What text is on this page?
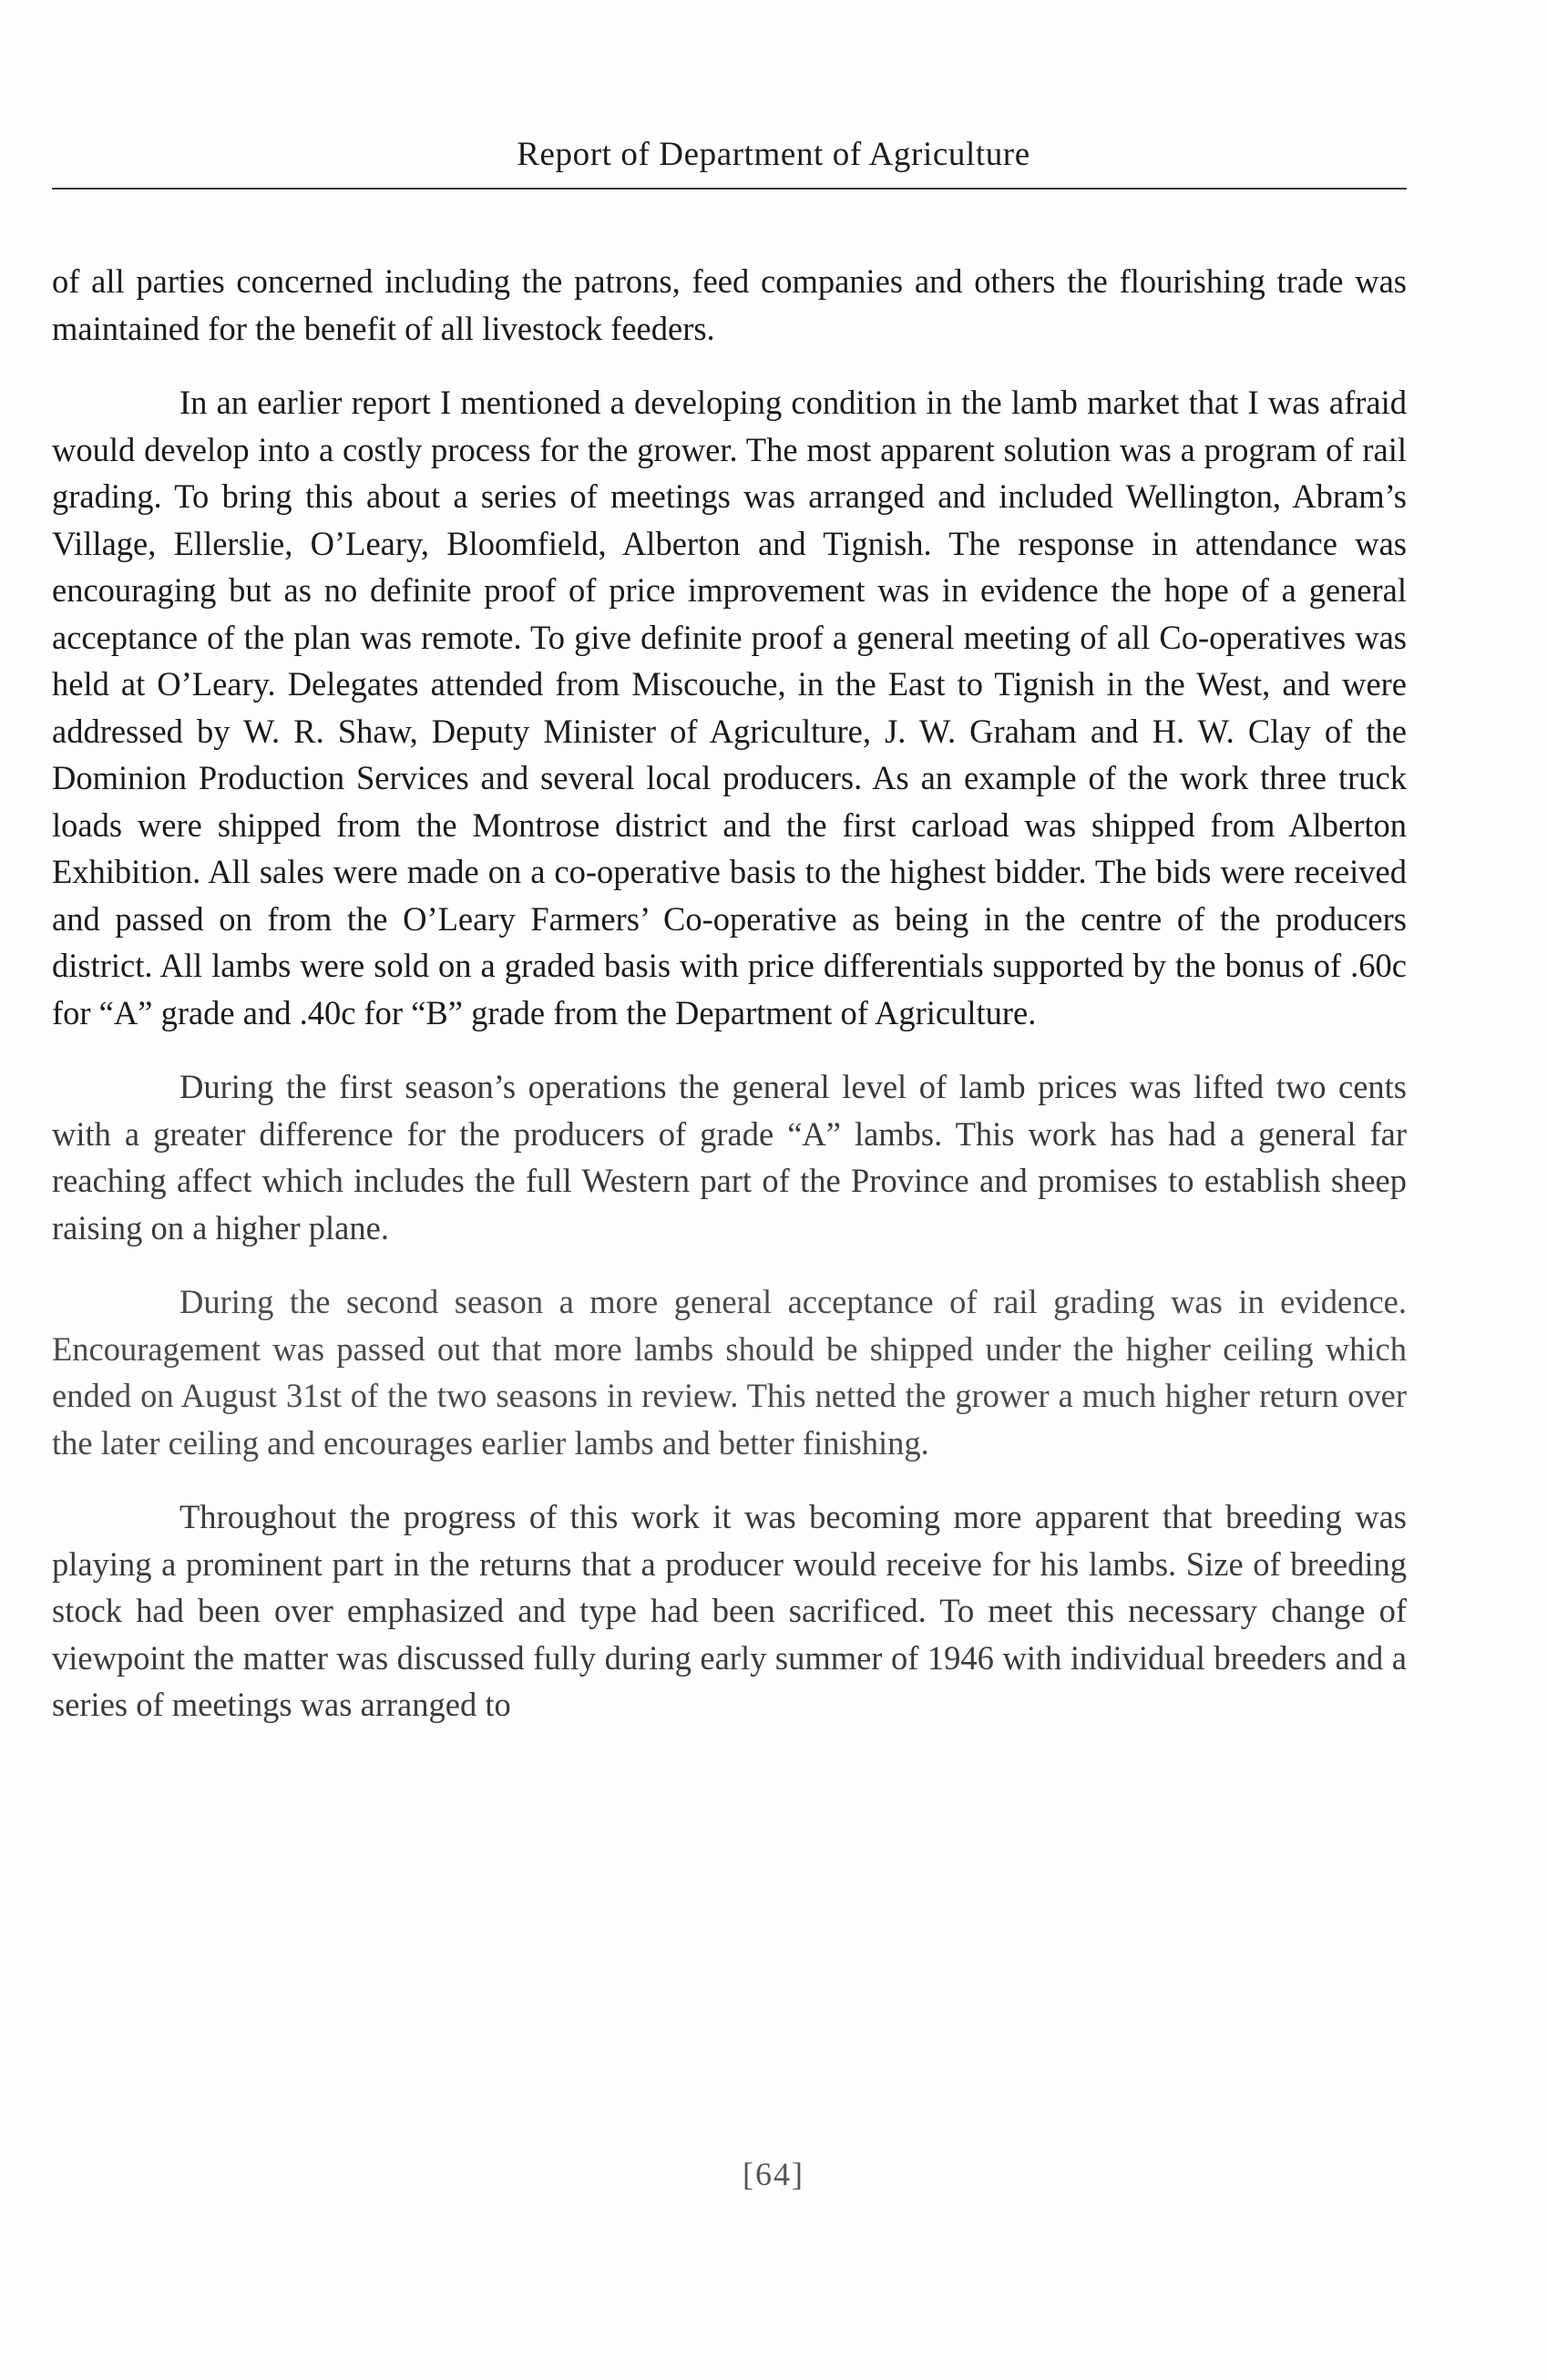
Report of Department of Agriculture

of all parties concerned including the patrons, feed companies and others the flourishing trade was maintained for the benefit of all livestock feeders.

In an earlier report I mentioned a developing condition in the lamb market that I was afraid would develop into a costly process for the grower. The most apparent solution was a program of rail grading. To bring this about a series of meetings was arranged and included Wellington, Abram’s Village, Ellerslie, O’Leary, Bloomfield, Alberton and Tignish. The response in attendance was encouraging but as no definite proof of price improvement was in evidence the hope of a general acceptance of the plan was remote. To give definite proof a general meeting of all Co-operatives was held at O’Leary. Delegates attended from Miscouche, in the East to Tignish in the West, and were addressed by W. R. Shaw, Deputy Minister of Agriculture, J. W. Graham and H. W. Clay of the Dominion Production Services and several local producers. As an example of the work three truck loads were shipped from the Montrose district and the first carload was shipped from Alberton Exhibition. All sales were made on a co-operative basis to the highest bidder. The bids were received and passed on from the O’Leary Farmers’ Co-operative as being in the centre of the producers district. All lambs were sold on a graded basis with price differentials supported by the bonus of .60c for “A” grade and .40c for “B” grade from the Department of Agriculture.

During the first season’s operations the general level of lamb prices was lifted two cents with a greater difference for the producers of grade “A” lambs. This work has had a general far reaching affect which includes the full Western part of the Province and promises to establish sheep raising on a higher plane.

During the second season a more general acceptance of rail grading was in evidence. Encouragement was passed out that more lambs should be shipped under the higher ceiling which ended on August 31st of the two seasons in review. This netted the grower a much higher return over the later ceiling and encourages earlier lambs and better finishing.

Throughout the progress of this work it was becoming more apparent that breeding was playing a prominent part in the returns that a producer would receive for his lambs. Size of breeding stock had been over emphasized and type had been sacrificed. To meet this necessary change of viewpoint the matter was discussed fully during early summer of 1946 with individual breeders and a series of meetings was arranged to

[64]
